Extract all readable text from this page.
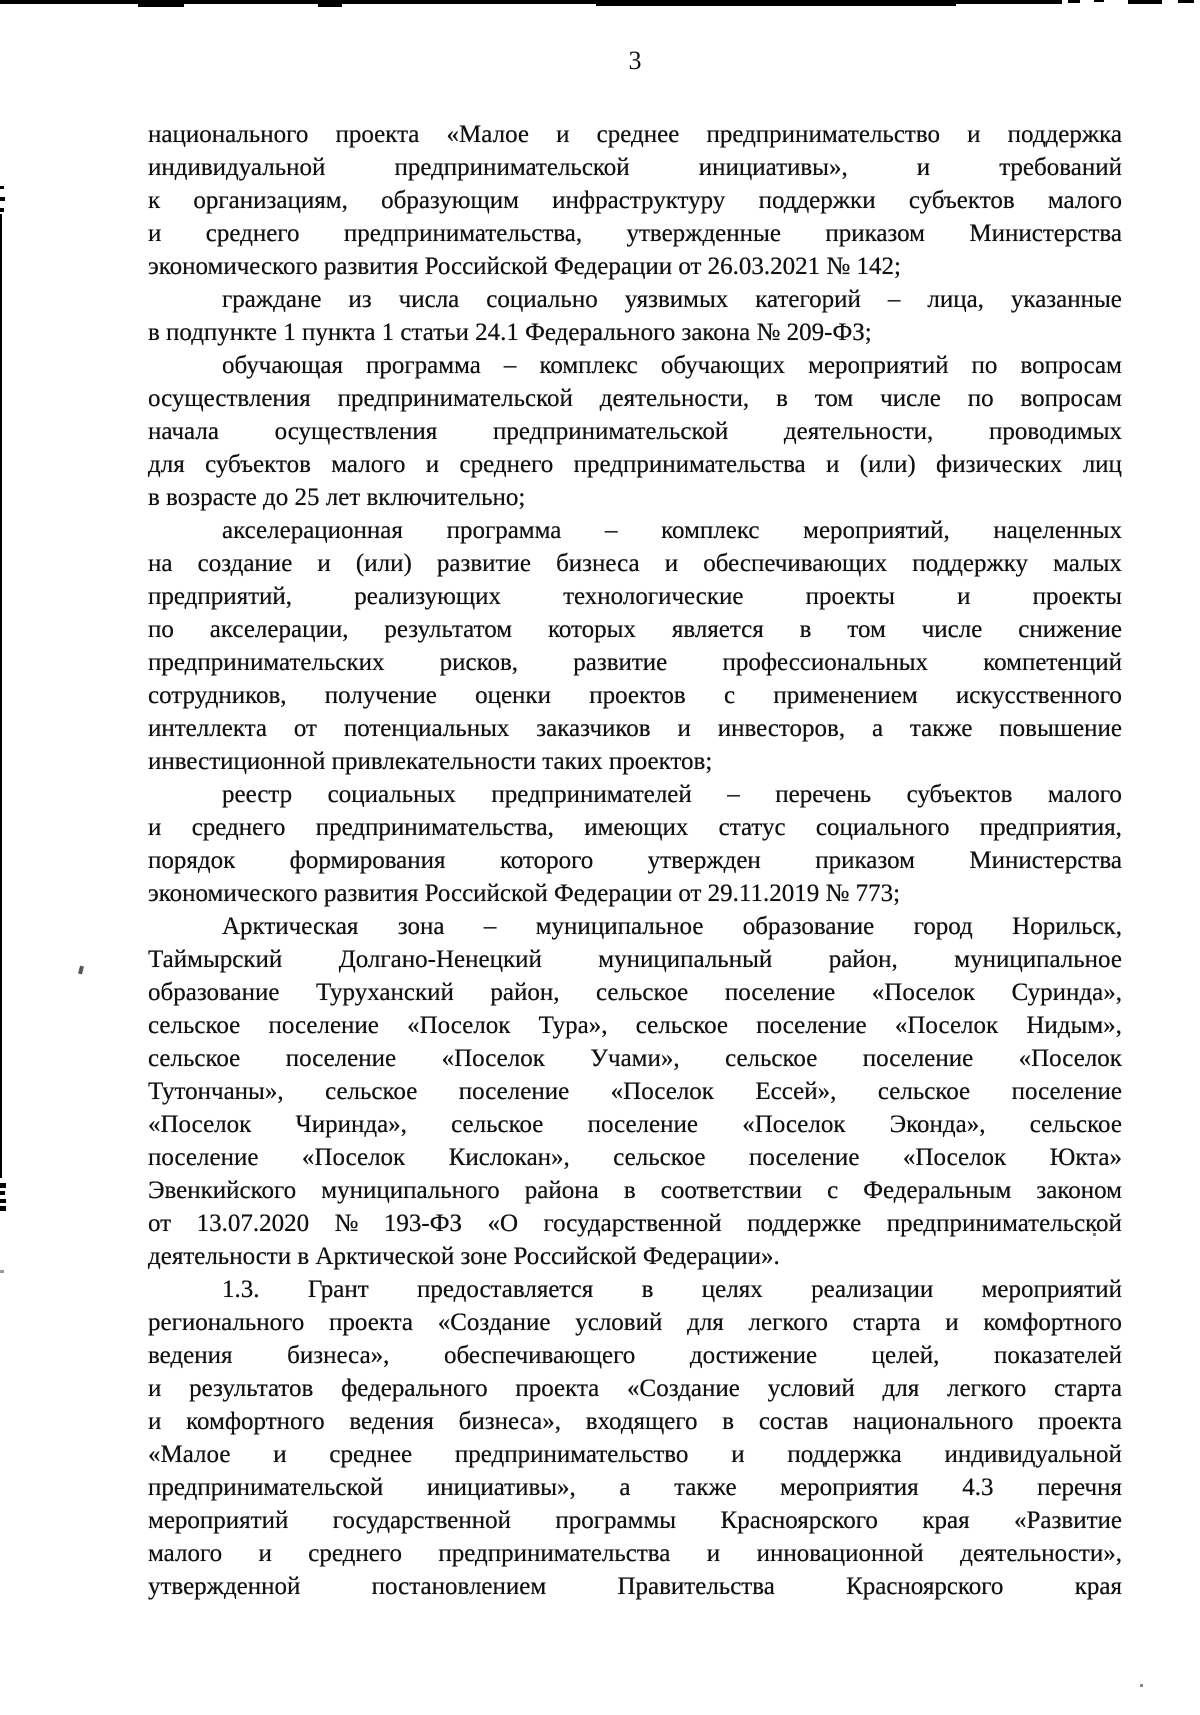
3
национального проекта «Малое и среднее предпринимательство и поддержка
индивидуальной	предпринимательской	инициативы»,	и	требований
к организациям, образующим инфраструктуру поддержки субъектов малого
и среднего предпринимательства, утвержденные приказом Министерства
экономического развития Российской Федерации от 26.03.2021 № 142;
граждане из числа социально уязвимых категорий – лица, указанные
в подпункте 1 пункта 1 статьи 24.1 Федерального закона № 209-ФЗ;
обучающая программа – комплекс обучающих мероприятий по вопросам
осуществления предпринимательской деятельности, в том числе по вопросам
начала осуществления предпринимательской деятельности, проводимых
для субъектов малого и среднего предпринимательства и (или) физических лиц
в возрасте до 25 лет включительно;
акселерационная программа – комплекс мероприятий, нацеленных
на создание и (или) развитие бизнеса и обеспечивающих поддержку малых
предприятий, реализующих технологические проекты и проекты
по акселерации, результатом которых является в том числе снижение
предпринимательских рисков, развитие профессиональных компетенций
сотрудников, получение оценки проектов с применением искусственного
интеллекта от потенциальных заказчиков и инвесторов, а также повышение
инвестиционной привлекательности таких проектов;
реестр социальных предпринимателей – перечень субъектов малого
и среднего предпринимательства, имеющих статус социального предприятия,
порядок формирования которого утвержден приказом Министерства
экономического развития Российской Федерации от 29.11.2019 № 773;
Арктическая зона – муниципальное образование город Норильск,
Таймырский Долгано-Ненецкий муниципальный район, муниципальное
образование Туруханский район, сельское поселение «Поселок Суринда»,
сельское поселение «Поселок Тура», сельское поселение «Поселок Нидым»,
сельское поселение «Поселок Учами», сельское поселение «Поселок
Тутончаны», сельское поселение «Поселок Ессей», сельское поселение
«Поселок Чиринда», сельское поселение «Поселок Эконда», сельское
поселение «Поселок Кислокан», сельское поселение «Поселок Юкта»
Эвенкийского муниципального района в соответствии с Федеральным законом
от 13.07.2020 № 193-ФЗ «О государственной поддержке предпринимательской
деятельности в Арктической зоне Российской Федерации».
1.3. Грант предоставляется в целях реализации мероприятий
регионального проекта «Создание условий для легкого старта и комфортного
ведения бизнеса», обеспечивающего достижение целей, показателей
и результатов федерального проекта «Создание условий для легкого старта
и комфортного ведения бизнеса», входящего в состав национального проекта
«Малое и среднее предпринимательство и поддержка индивидуальной
предпринимательской инициативы», а также мероприятия 4.3 перечня
мероприятий государственной программы Красноярского края «Развитие
малого и среднего предпринимательства и инновационной деятельности»,
утвержденной	постановлением	Правительства	Красноярского	края
